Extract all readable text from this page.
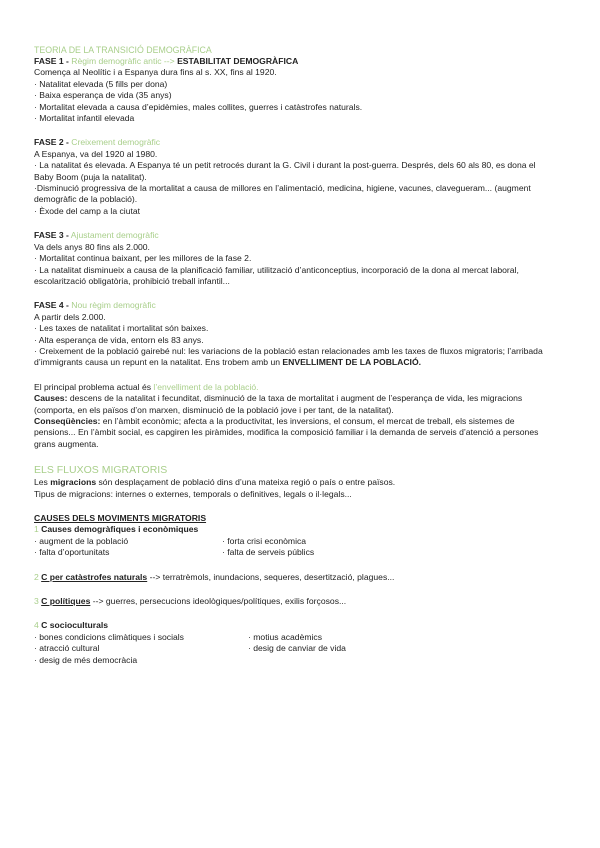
TEORIA DE LA TRANSICIÓ DEMOGRÀFICA
FASE 1 - Règim demogràfic antic --> ESTABILITAT DEMOGRÀFICA
Comença al Neolític i a Espanya dura fins al s. XX, fins al 1920.
· Natalitat elevada (5 fills per dona)
· Baixa esperança de vida (35 anys)
· Mortalitat elevada a causa d’epidèmies, males collites, guerres i catàstrofes naturals.
· Mortalitat infantil elevada
FASE 2 - Creixement demogràfic
A Espanya, va del 1920 al 1980.
· La natalitat és elevada. A Espanya té un petit retrocés durant la G. Civil i durant la post-guerra. Després, dels 60 als 80, es dona el Baby Boom (puja la natalitat).
·Disminució progressiva de la mortalitat a causa de millores en l’alimentació, medicina, higiene, vacunes, clavegueram... (augment demogràfic de la població).
· Èxode del camp a la ciutat
FASE 3 - Ajustament demogràfic
Va dels anys 80 fins als 2.000.
· Mortalitat continua baixant, per les millores de la fase 2.
· La natalitat disminueix a causa de la planificació familiar, utilització d’anticonceptius, incorporació de la dona al mercat laboral, escolarització obligatòria, prohibició treball infantil...
FASE 4 - Nou règim demogràfic
A partir dels 2.000.
· Les taxes de natalitat i mortalitat són baixes.
· Alta esperança de vida, entorn els 83 anys.
· Creixement de la població gairebé nul: les variacions de la població estan relacionades amb les taxes de fluxos migratoris; l’arribada d’immigrants causa un repunt en la natalitat. Ens trobem amb un ENVELLIMENT DE LA POBLACIÓ.
El principal problema actual és l’envelliment de la població.
Causes: descens de la natalitat i fecunditat, disminució de la taxa de mortalitat i augment de l’esperança de vida, les migracions (comporta, en els països d’on marxen, disminució de la població jove i per tant, de la natalitat).
Conseqüències: en l’àmbit econòmic; afecta a la productivitat, les inversions, el consum, el mercat de treball, els sistemes de pensions... En l’àmbit social, es capgiren les piràmides, modifica la composició familiar i la demanda de serveis d’atenció a persones grans augmenta.
ELS FLUXOS MIGRATORIS
Les migracions són desplaçament de població dins d’una mateixa regió o país o entre països.
Tipus de migracions: internes o externes, temporals o definitives, legals o il·legals...
CAUSES DELS MOVIMENTS MIGRATORIS
1 Causes demogràfiques i econòmiques
· augment de la població
· falta d’oportunitats
· forta crisi econòmica
· falta de serveis públics
2 C per catàstrofes naturals --> terratrèmols, inundacions, sequeres, desertització, plagues...
3 C polítiques --> guerres, persecucions ideològiques/polítiques, exilis forçosos...
4 C socioculturals
· bones condicions climàtiques i socials
· atracció cultural
· desig de més democràcia
· motius acadèmics
· desig de canviar de vida
